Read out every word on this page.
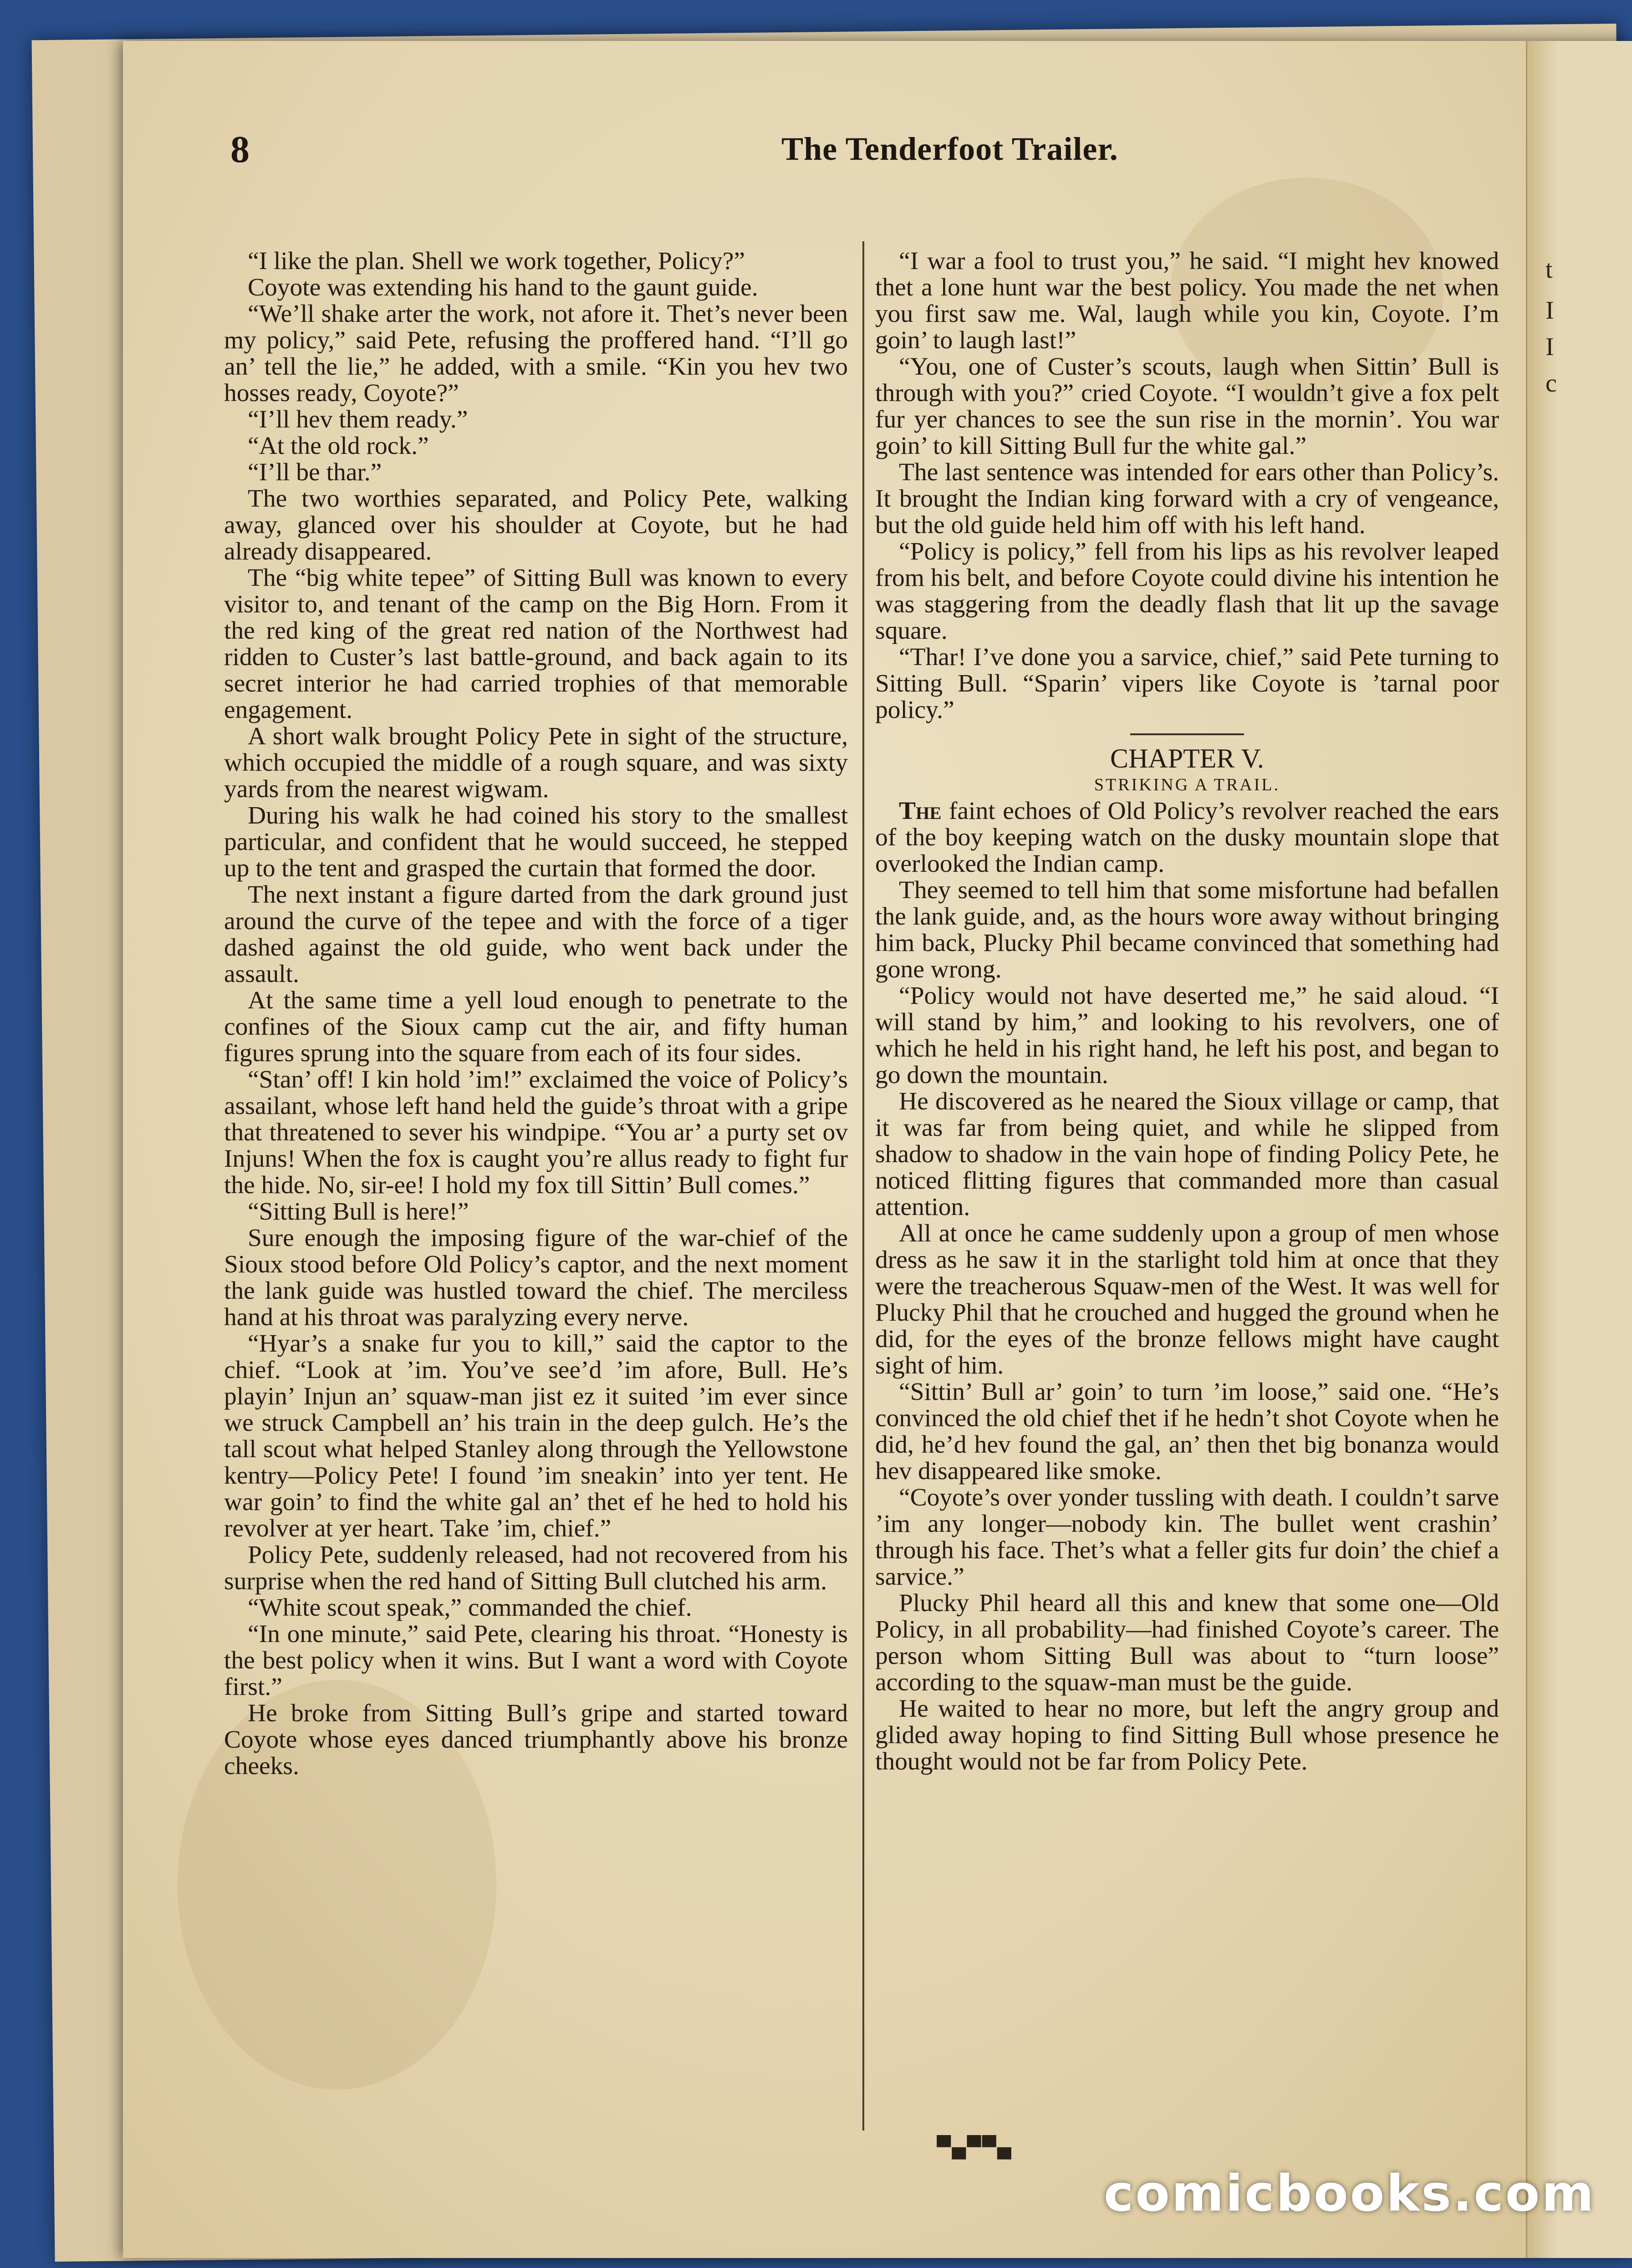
8	The Tenderfoot Trailer.

“I like the plan. Shell we work together, Policy?”

Coyote was extending his hand to the gaunt guide.

“We’ll shake arter the work, not afore it. Thet’s never been my policy,” said Pete, refusing the proffered hand. “I’ll go an’ tell the lie,” he added, with a smile. “Kin you hev two hosses ready, Coyote?”

“I’ll hev them ready.”

“At the old rock.”

“I’ll be thar.”

The two worthies separated, and Policy Pete, walking away, glanced over his shoulder at Coyote, but he had already disappeared.

The “big white tepee” of Sitting Bull was known to every visitor to, and tenant of the camp on the Big Horn. From it the red king of the great red nation of the Northwest had ridden to Custer’s last battle-ground, and back again to its secret interior he had carried trophies of that memorable engagement.

A short walk brought Policy Pete in sight of the structure, which occupied the middle of a rough square, and was sixty yards from the nearest wigwam.

During his walk he had coined his story to the smallest particular, and confident that he would succeed, he stepped up to the tent and grasped the curtain that formed the door.

The next instant a figure darted from the dark ground just around the curve of the tepee and with the force of a tiger dashed against the old guide, who went back under the assault.

At the same time a yell loud enough to penetrate to the confines of the Sioux camp cut the air, and fifty human figures sprung into the square from each of its four sides.

“Stan’ off! I kin hold ’im!” exclaimed the voice of Policy’s assailant, whose left hand held the guide’s throat with a gripe that threatened to sever his windpipe. “You ar’ a purty set ov Injuns! When the fox is caught you’re allus ready to fight fur the hide. No, sir-ee! I hold my fox till Sittin’ Bull comes.”

“Sitting Bull is here!”

Sure enough the imposing figure of the war-chief of the Sioux stood before Old Policy’s captor, and the next moment the lank guide was hustled toward the chief. The merciless hand at his throat was paralyzing every nerve.

“Hyar’s a snake fur you to kill,” said the captor to the chief. “Look at ’im. You’ve see’d ’im afore, Bull. He’s playin’ Injun an’ squaw-man jist ez it suited ’im ever since we struck Campbell an’ his train in the deep gulch. He’s the tall scout what helped Stanley along through the Yellowstone kentry—Policy Pete! I found ’im sneakin’ into yer tent. He war goin’ to find the white gal an’ thet ef he hed to hold his revolver at yer heart. Take ’im, chief.”

Policy Pete, suddenly released, had not recovered from his surprise when the red hand of Sitting Bull clutched his arm.

“White scout speak,” commanded the chief.

“In one minute,” said Pete, clearing his throat. “Honesty is the best policy when it wins. But I want a word with Coyote first.”

He broke from Sitting Bull’s gripe and started toward Coyote whose eyes danced triumphantly above his bronze cheeks.

“I war a fool to trust you,” he said. “I might hev knowed thet a lone hunt war the best policy. You made the net when you first saw me. Wal, laugh while you kin, Coyote. I’m goin’ to laugh last!”

“You, one of Custer’s scouts, laugh when Sittin’ Bull is through with you?” cried Coyote. “I wouldn’t give a fox pelt fur yer chances to see the sun rise in the mornin’. You war goin’ to kill Sitting Bull fur the white gal.”

The last sentence was intended for ears other than Policy’s. It brought the Indian king forward with a cry of vengeance, but the old guide held him off with his left hand.

“Policy is policy,” fell from his lips as his revolver leaped from his belt, and before Coyote could divine his intention he was staggering from the deadly flash that lit up the savage square.

“Thar! I’ve done you a sarvice, chief,” said Pete turning to Sitting Bull. “Sparin’ vipers like Coyote is ’tarnal poor policy.”

CHAPTER V.

STRIKING A TRAIL.

The faint echoes of Old Policy’s revolver reached the ears of the boy keeping watch on the dusky mountain slope that overlooked the Indian camp.

They seemed to tell him that some misfortune had befallen the lank guide, and, as the hours wore away without bringing him back, Plucky Phil became convinced that something had gone wrong.

“Policy would not have deserted me,” he said aloud. “I will stand by him,” and looking to his revolvers, one of which he held in his right hand, he left his post, and began to go down the mountain.

He discovered as he neared the Sioux village or camp, that it was far from being quiet, and while he slipped from shadow to shadow in the vain hope of finding Policy Pete, he noticed flitting figures that commanded more than casual attention.

All at once he came suddenly upon a group of men whose dress as he saw it in the starlight told him at once that they were the treacherous Squaw-men of the West. It was well for Plucky Phil that he crouched and hugged the ground when he did, for the eyes of the bronze fellows might have caught sight of him.

“Sittin’ Bull ar’ goin’ to turn ’im loose,” said one. “He’s convinced the old chief thet if he hedn’t shot Coyote when he did, he’d hev found the gal, an’ then thet big bonanza would hev disappeared like smoke.

“Coyote’s over yonder tussling with death. I couldn’t sarve ’im any longer—nobody kin. The bullet went crashin’ through his face. Thet’s what a feller gits fur doin’ the chief a sarvice.”

Plucky Phil heard all this and knew that some one—Old Policy, in all probability—had finished Coyote’s career. The person whom Sitting Bull was about to “turn loose” according to the squaw-man must be the guide.

He waited to hear no more, but left the angry group and glided away hoping to find Sitting Bull whose presence he thought would not be far from Policy Pete.

▀▄▀▀▄
t
I
I
c
comicbooks.com
